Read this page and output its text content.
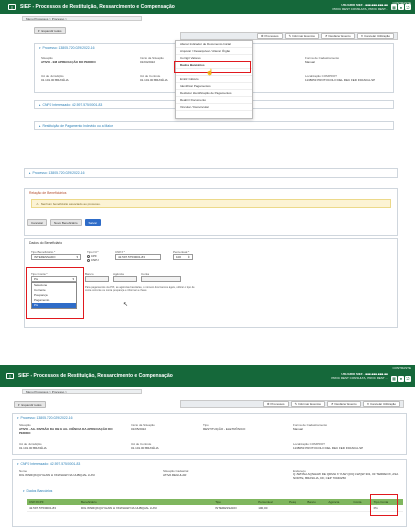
≡	SIEF - Processos de Restituição, Ressarcimento e Compensação	USUARIO SIEF - ■■■.■■■.■■■-■■
PROC REST CONSULTA, PROC REST... ▦ ●	⎋
CONTRASTE
Menu Processos > Processo >
▾ Expandir todos
⚙ Processos	✎ Informar Eventos	↺ Desfazer Evento	✕ Cancelar Utilização
▾ Processo: 13805.720.029/2022-16
Situação
ATIVO - EM APRECIAÇÃO DO PEDIDO
Início da Situação
01/04/2022
Forma de Cadastramento
Manual
UA de Jurisdição
01.101.00 BRASÍLIA
UA de Controle
01.101.00 BRASÍLIA
Localização COMPROT
1138053 PROTOCOLO DEL REC FED FRANCA-SP
▸ CNPJ Interessado: 42.597.575/0001-83
▸ Restituição de Pagamento Indevido ou a Maior
Alterar Indicador de Documento Inicial
Arquivar / Desarquivar / Alterar Órgão
Corrigir Valores
Dados Bancários
Emitir Cálculo
Identificar Pagamentos
Desfazer Identificação de Pagamentos
Reabrir Documento
Vincular / Desvincular
☝
▸ Processo: 13805.720.029/2022-16
Relação de Beneficiários
⚠ Nenhum beneficiário associado ao processo.
Cancelar	Novo Beneficiário	Salvar
Dados do Beneficiário
Tipo Beneficiário *
INTERESSADO	▾
Tipo NI *
CPF
CNPJ
CNPJ *
42.597.575/0001-83
Percentual *
100 ⇕
Tipo Conta *
Pix	▾
Selecione
Corrente
Poupança
Pagamento
Pix
Banco	Agência	Conta
Para pagamentos via PIX, as agências bancárias, o número dos bancos ágeis, utilizar o tipo de conta corrente ou conta poupança e informar a chave
↖
≡	SIEF - Processos de Restituição, Ressarcimento e Compensação	USUARIO SIEF - ■■■.■■■.■■■-■■
PROC REST CONSULTA, PROC REST ... ▦ ●	⎋
CONTRASTE
Menu Processos > Processo >
▾ Expandir todos	⚙ Processos	✎ Informar Eventos	↺ Desfazer Evento	✕ Cancelar Utilização
▾ Processo: 13805.720.029/2022-16
Situação
ATIVO - AG. DIVISÃO DA OB E AG. CIÊNCIA DA APRECIAÇÃO DO PEDIDO
Início da Situação
01/05/2022
Tipo
RESTITUIÇÃO - ELETRÔNICO
Forma de Cadastramento
Manual
UA de Jurisdição
01.101.00 BRASÍLIA
UA de Controle
01.101.00 BRASÍLIA
Localização COMPROT
1138053 PROTOCOLO DEL REC FED FRANCA-SP
▾ CNPJ Interessado: 42.597.575/0001-83
Nome
DIG WNRQKQUYHAW H XKWHAW NA UHBQJAL LUNI
Situação Cadastral
ATIVA REGULAR
Endereço
Q JWNSH AQNHAW DE QDMH X YHW QOQ LWQW 301, 03 TERREOX, ASA NORTE, BRASILIA, DF, CEP 70040250
▾ Dados Bancários
CNPJ/CPF	Beneficiário	Tipo	Percentual	Pesq	Banco	Agência	Conta	Tipo Conta
42.597.575/0001-83	DIG WNRQKQUYHAW H XKWHAW NA UHBQJAL LUNI	INTERESSADO	100,00					Pix
